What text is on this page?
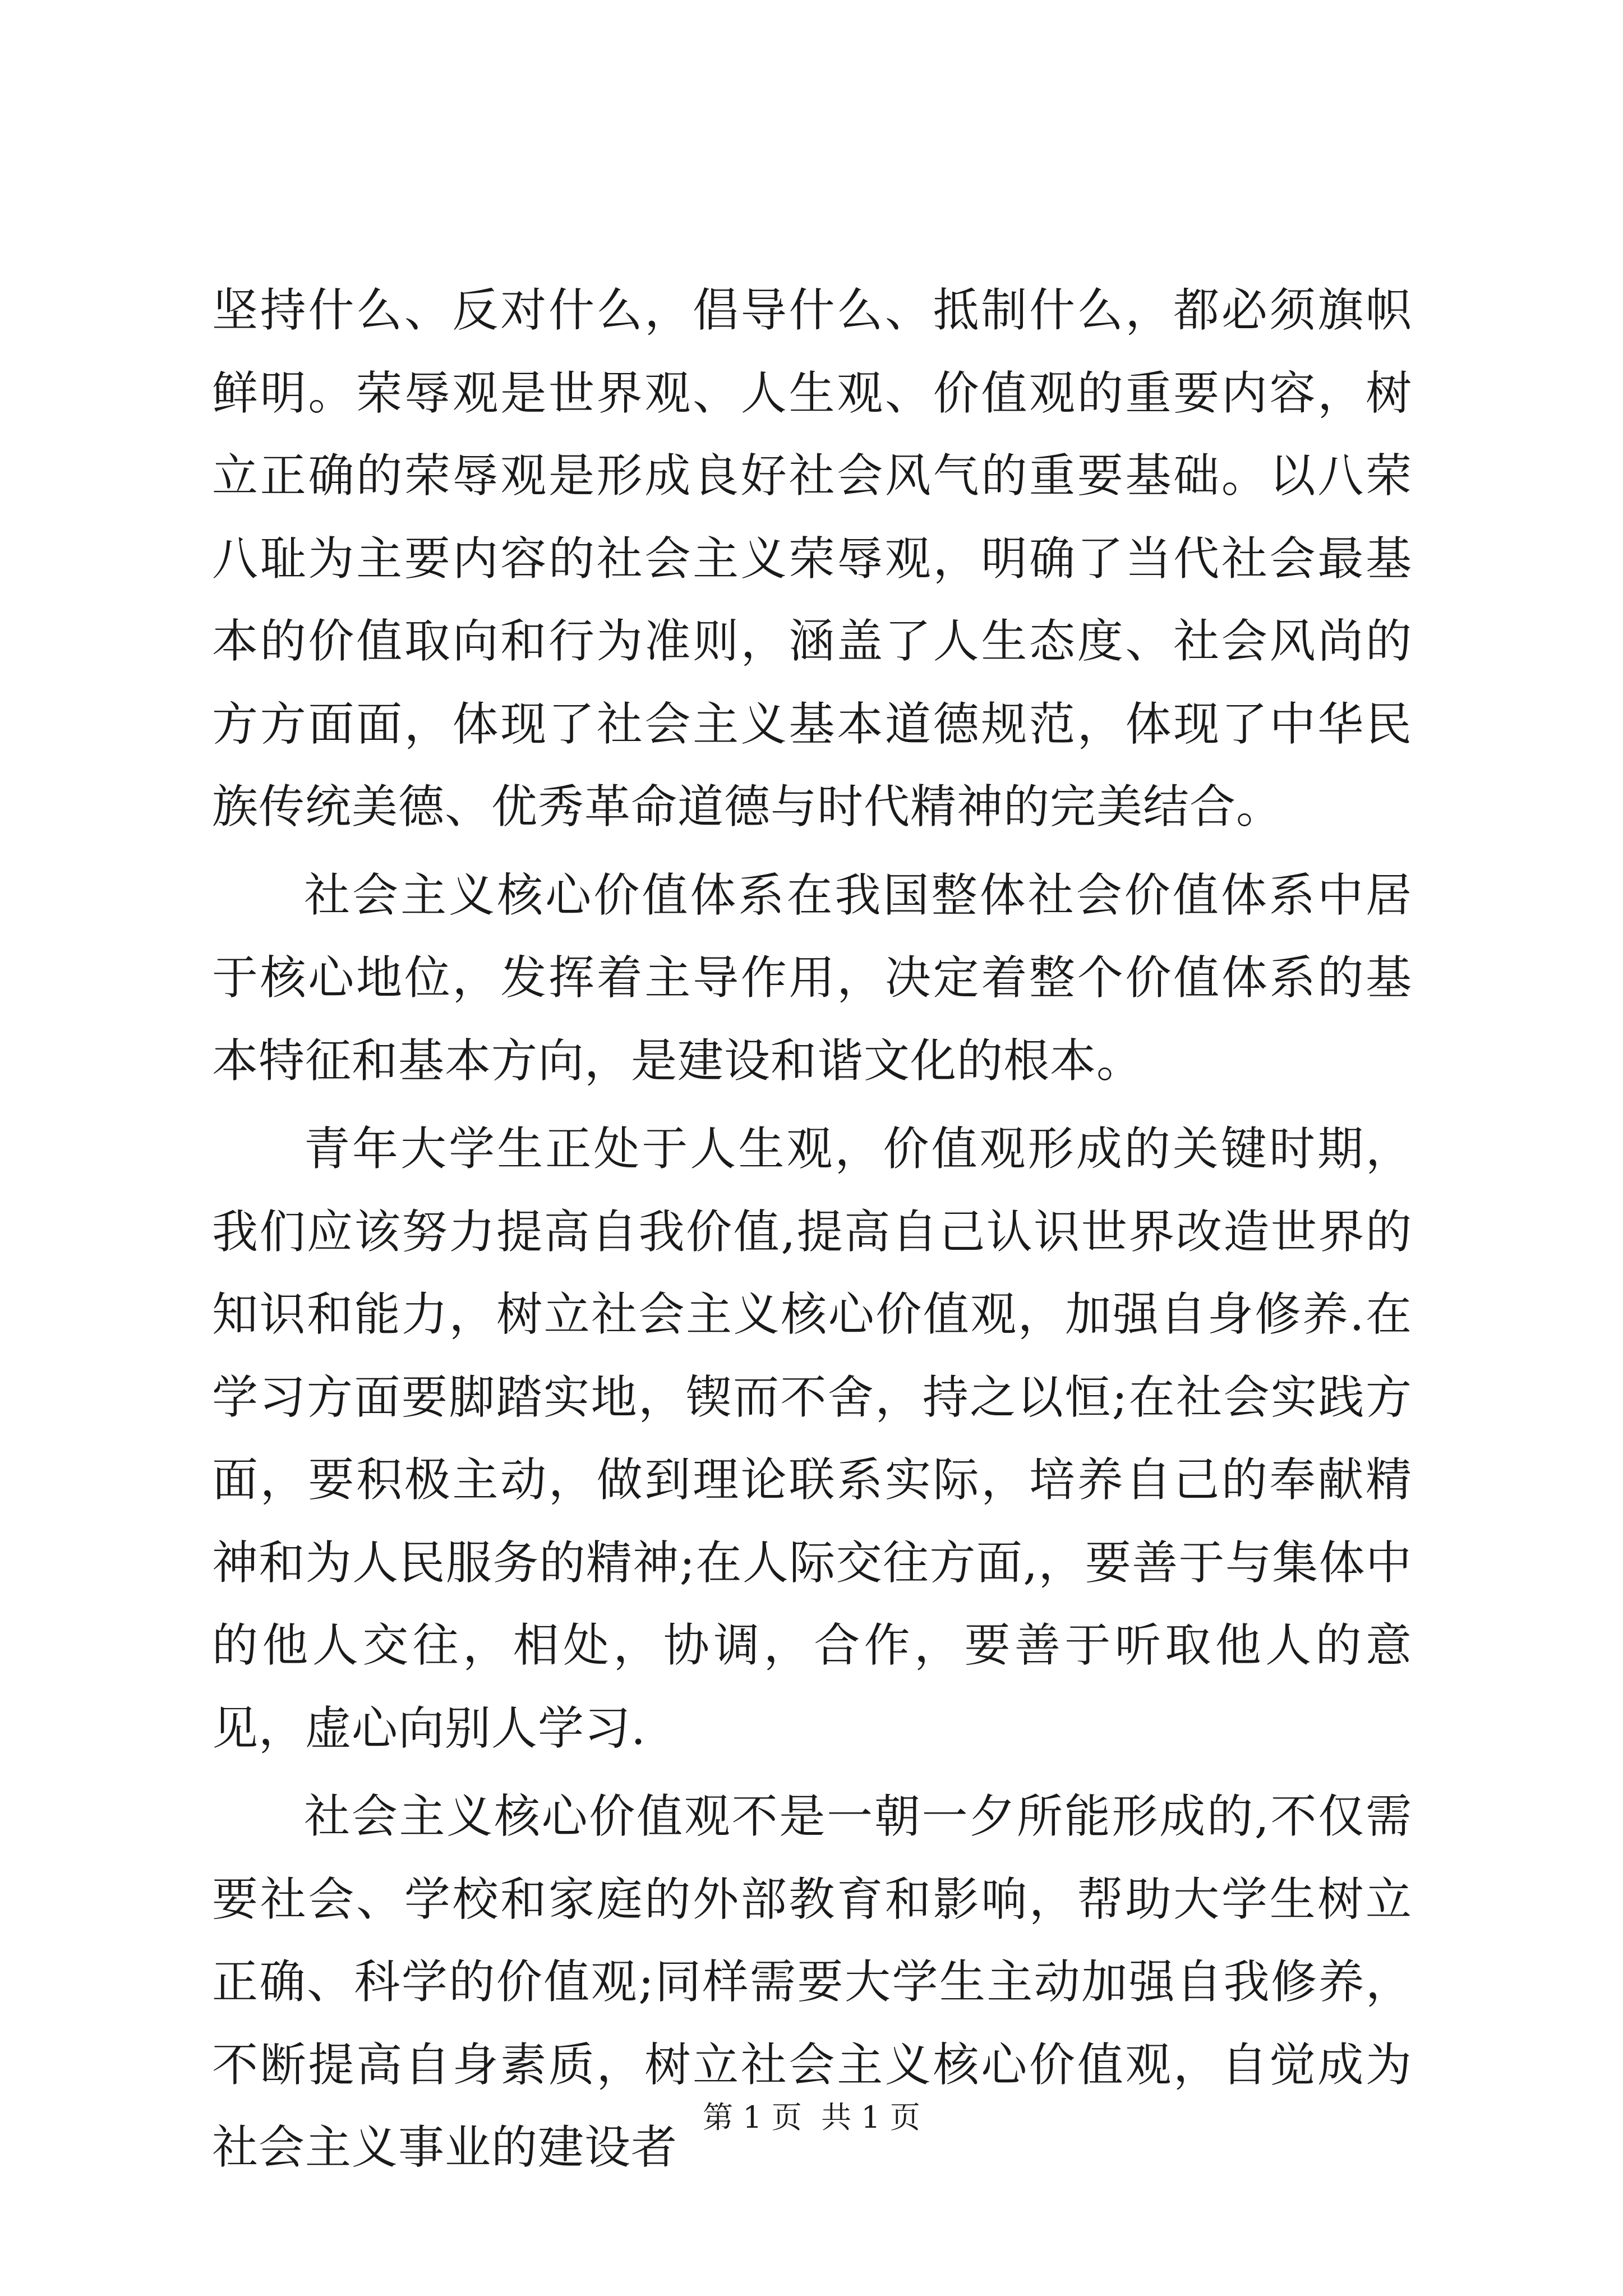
坚持什么、反对什么，倡导什么、抵制什么，都必须旗帜鲜明。荣辱观是世界观、人生观、价值观的重要内容，树立正确的荣辱观是形成良好社会风气的重要基础。以八荣八耻为主要内容的社会主义荣辱观，明确了当代社会最基本的价值取向和行为准则，涵盖了人生态度、社会风尚的方方面面，体现了社会主义基本道德规范，体现了中华民族传统美德、优秀革命道德与时代精神的完美结合。

社会主义核心价值体系在我国整体社会价值体系中居于核心地位，发挥着主导作用，决定着整个价值体系的基本特征和基本方向，是建设和谐文化的根本。

青年大学生正处于人生观，价值观形成的关键时期，我们应该努力提高自我价值,提高自己认识世界改造世界的知识和能力，树立社会主义核心价值观，加强自身修养.在学习方面要脚踏实地，锲而不舍，持之以恒;在社会实践方面，要积极主动，做到理论联系实际，培养自己的奉献精神和为人民服务的精神;在人际交往方面,，要善于与集体中的他人交往，相处，协调，合作，要善于听取他人的意见，虚心向别人学习.

社会主义核心价值观不是一朝一夕所能形成的,不仅需要社会、学校和家庭的外部教育和影响，帮助大学生树立正确、科学的价值观;同样需要大学生主动加强自我修养，不断提高自身素质，树立社会主义核心价值观，自觉成为社会主义事业的建设者

第 1 页  共 1 页
